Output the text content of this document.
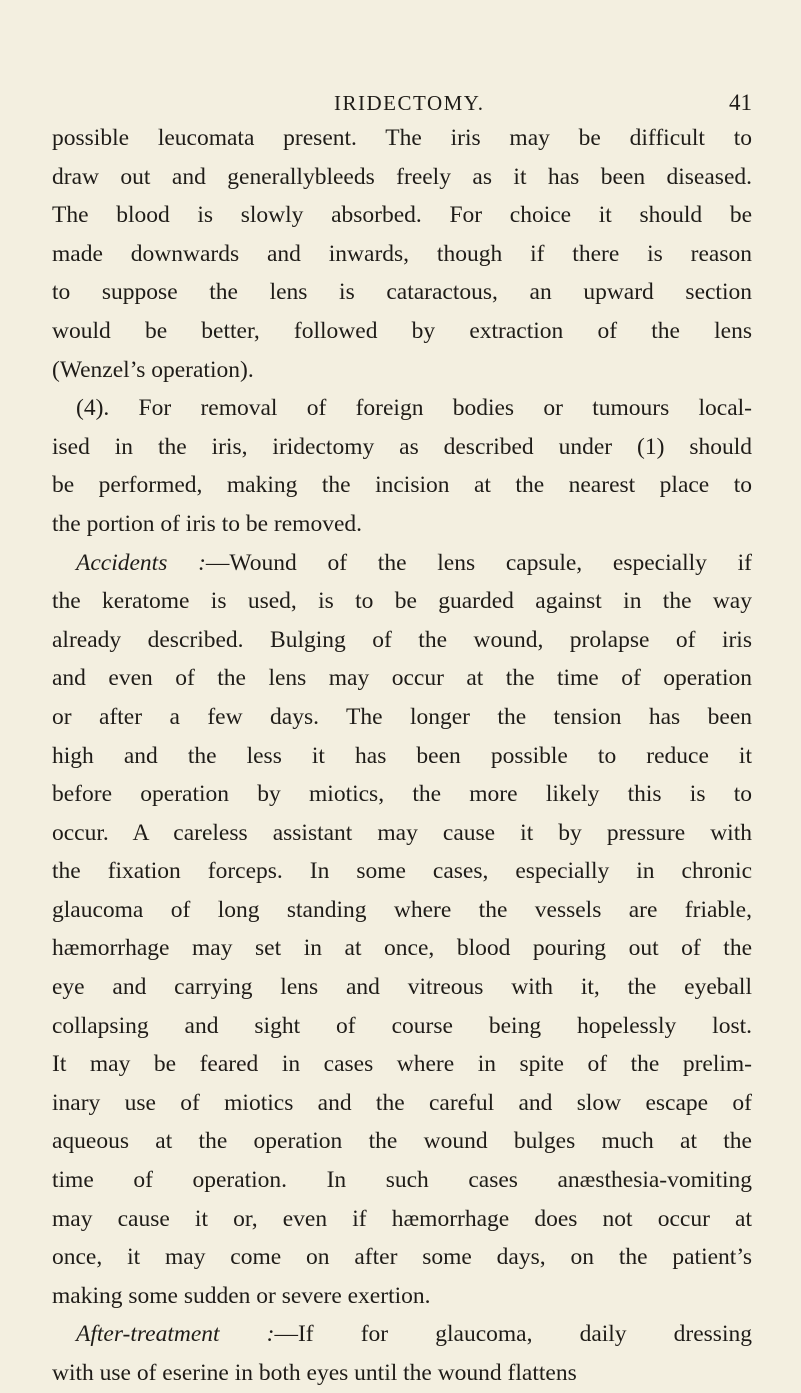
IRIDECTOMY.	41
possible leucomata present. The iris may be difficult to
draw out and generallybleeds freely as it has been diseased.
The blood is slowly absorbed. For choice it should be
made downwards and inwards, though if there is reason
to suppose the lens is cataractous, an upward section
would be better, followed by extraction of the lens
(Wenzel’s operation).
(4). For removal of foreign bodies or tumours local-
ised in the iris, iridectomy as described under (1) should
be performed, making the incision at the nearest place to
the portion of iris to be removed.
Accidents :—Wound of the lens capsule, especially if
the keratome is used, is to be guarded against in the way
already described. Bulging of the wound, prolapse of iris
and even of the lens may occur at the time of operation
or after a few days. The longer the tension has been
high and the less it has been possible to reduce it
before operation by miotics, the more likely this is to
occur. A careless assistant may cause it by pressure with
the fixation forceps. In some cases, especially in chronic
glaucoma of long standing where the vessels are friable,
hæmorrhage may set in at once, blood pouring out of the
eye and carrying lens and vitreous with it, the eyeball
collapsing and sight of course being hopelessly lost.
It may be feared in cases where in spite of the prelim-
inary use of miotics and the careful and slow escape of
aqueous at the operation the wound bulges much at the
time of operation. In such cases anæsthesia-vomiting
may cause it or, even if hæmorrhage does not occur at
once, it may come on after some days, on the patient’s
making some sudden or severe exertion.
After-treatment :—If for glaucoma, daily dressing
with use of eserine in both eyes until the wound flattens
